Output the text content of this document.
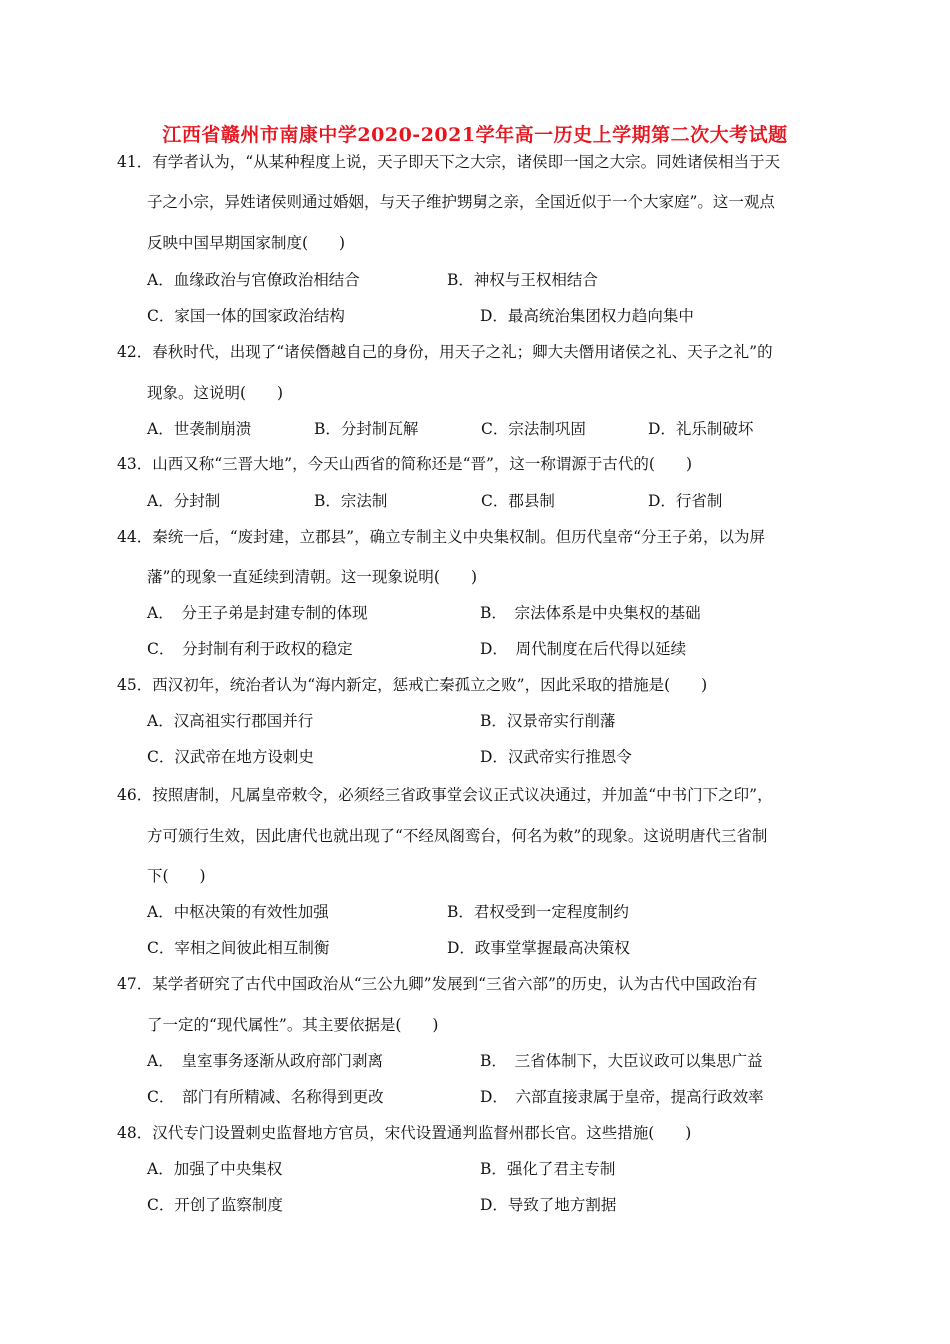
江西省赣州市南康中学2020-2021学年高一历史上学期第二次大考试题
41．有学者认为，“从某种程度上说，天子即天下之大宗，诸侯即一国之大宗。同姓诸侯相当于天
子之小宗，异姓诸侯则通过婚姻，与天子维护甥舅之亲，全国近似于一个大家庭”。这一观点
反映中国早期国家制度(　　)
A．血缘政治与官僚政治相结合	B．神权与王权相结合
C．家国一体的国家政治结构	D．最高统治集团权力趋向集中
42．春秋时代，出现了“诸侯僭越自己的身份，用天子之礼；卿大夫僭用诸侯之礼、天子之礼”的
现象。这说明(　　)
A．世袭制崩溃	B．分封制瓦解	C．宗法制巩固	D．礼乐制破坏
43．山西又称“三晋大地”，今天山西省的简称还是“晋”，这一称谓源于古代的(　　)
A．分封制	B．宗法制	C．郡县制	D．行省制
44．秦统一后，“废封建，立郡县”，确立专制主义中央集权制。但历代皇帝“分王子弟，以为屏
藩”的现象一直延续到清朝。这一现象说明(　　)
A．　分王子弟是封建专制的体现	B．　宗法体系是中央集权的基础
C．　分封制有利于政权的稳定	D．　周代制度在后代得以延续
45．西汉初年，统治者认为“海内新定，惩戒亡秦孤立之败”，因此采取的措施是(　　)
A．汉高祖实行郡国并行	B．汉景帝实行削藩
C．汉武帝在地方设刺史	D．汉武帝实行推恩令
46．按照唐制，凡属皇帝敕令，必须经三省政事堂会议正式议决通过，并加盖“中书门下之印”，
方可颁行生效，因此唐代也就出现了“不经凤阁鸾台，何名为敕”的现象。这说明唐代三省制
下(　　)
A．中枢决策的有效性加强	B．君权受到一定程度制约
C．宰相之间彼此相互制衡	D．政事堂掌握最高决策权
47．某学者研究了古代中国政治从“三公九卿”发展到“三省六部”的历史，认为古代中国政治有
了一定的“现代属性”。其主要依据是(　　)
A．　皇室事务逐渐从政府部门剥离	B．　三省体制下，大臣议政可以集思广益
C．　部门有所精减、名称得到更改	D．　六部直接隶属于皇帝，提高行政效率
48．汉代专门设置刺史监督地方官员，宋代设置通判监督州郡长官。这些措施(　　)
A．加强了中央集权	B．强化了君主专制
C．开创了监察制度	D．导致了地方割据
